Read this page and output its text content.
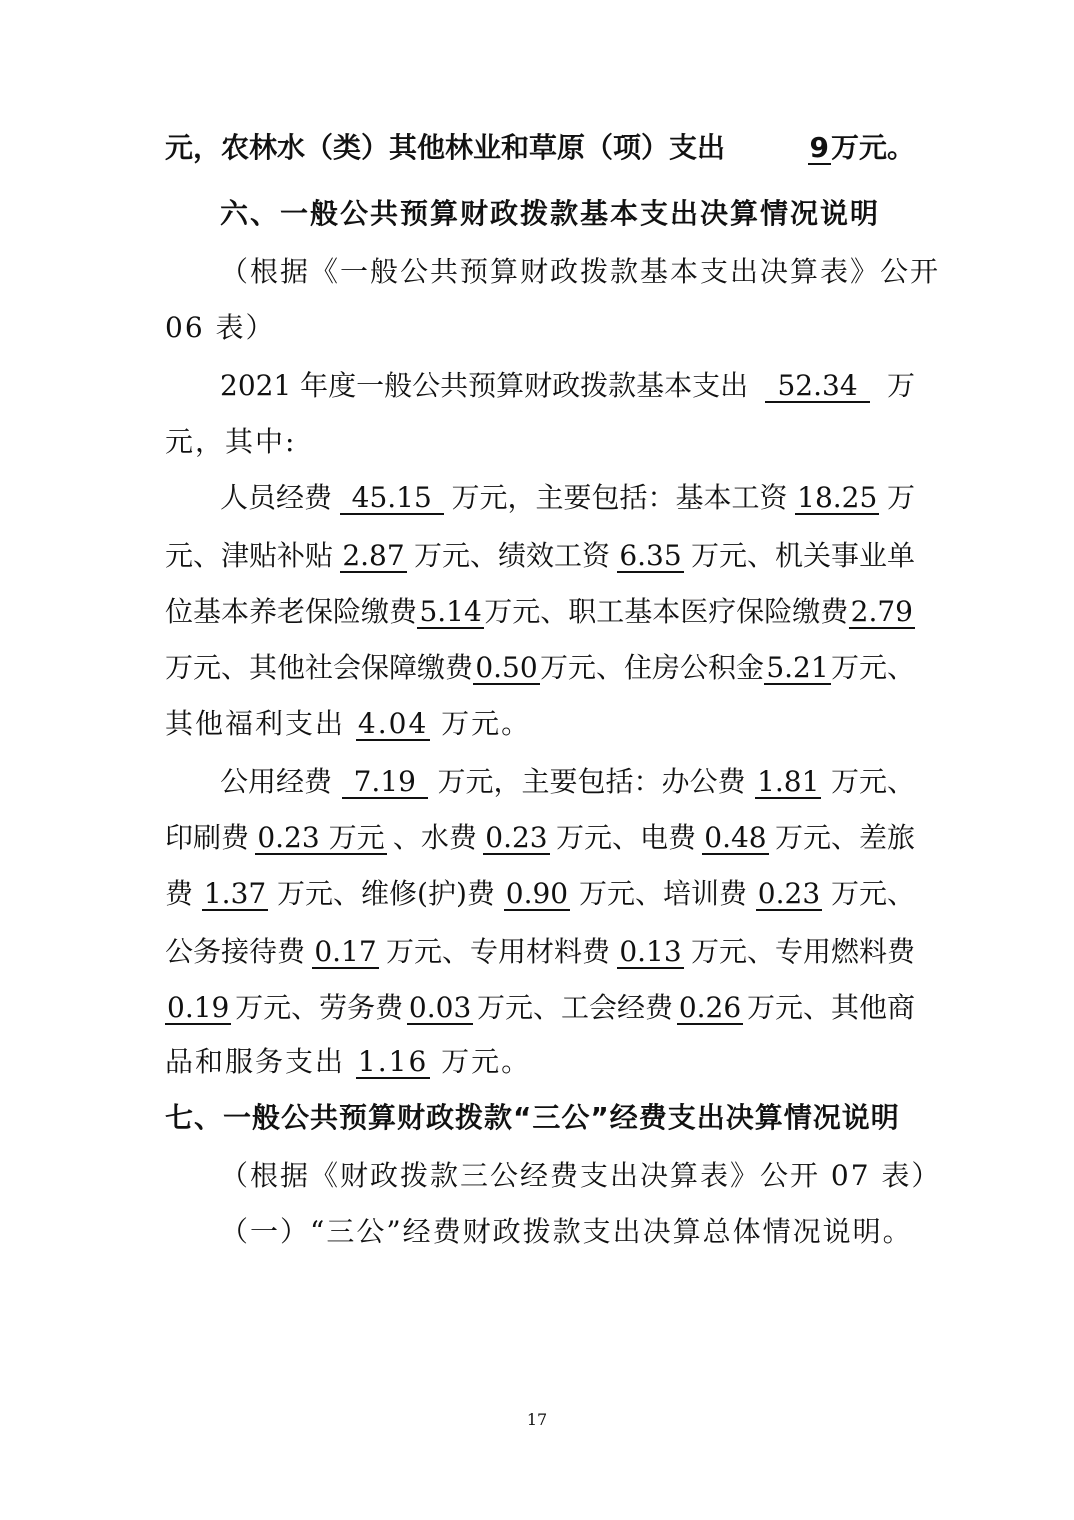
元，农林水（类）其他林业和草原（项）支出	9万元。
六、一般公共预算财政拨款基本支出决算情况说明
（根据《一般公共预算财政拨款基本支出决算表》公开
06 表）
2021 年度一般公共预算财政拨款基本支出	52.34	万
元，其中:
人员经费 45.15 万元，主要包括：基本工资 18.25 万
元、津贴补贴 2.87 万元、绩效工资 6.35 万元、机关事业单
位基本养老保险缴费 5.14 万元、职工基本医疗保险缴费 2.79
万元、其他社会保障缴费 0.50 万元、住房公积金 5.21 万元、
其他福利支出 4.04 万元。
公用经费 7.19 万元，主要包括：办公费 1.81 万元、
印刷费 0.23 万元 、水费 0.23 万元、电费 0.48 万元、差旅
费 1.37 万元、维修(护)费 0.90 万元、培训费 0.23 万元、
公务接待费 0.17 万元、专用材料费 0.13 万元、专用燃料费
0.19 万元、劳务费 0.03 万元、工会经费 0.26 万元、其他商
品和服务支出 1.16 万元。
七、一般公共预算财政拨款“三公”经费支出决算情况说明
（根据《财政拨款三公经费支出决算表》公开 07 表）
（一）“三公”经费财政拨款支出决算总体情况说明。
17
